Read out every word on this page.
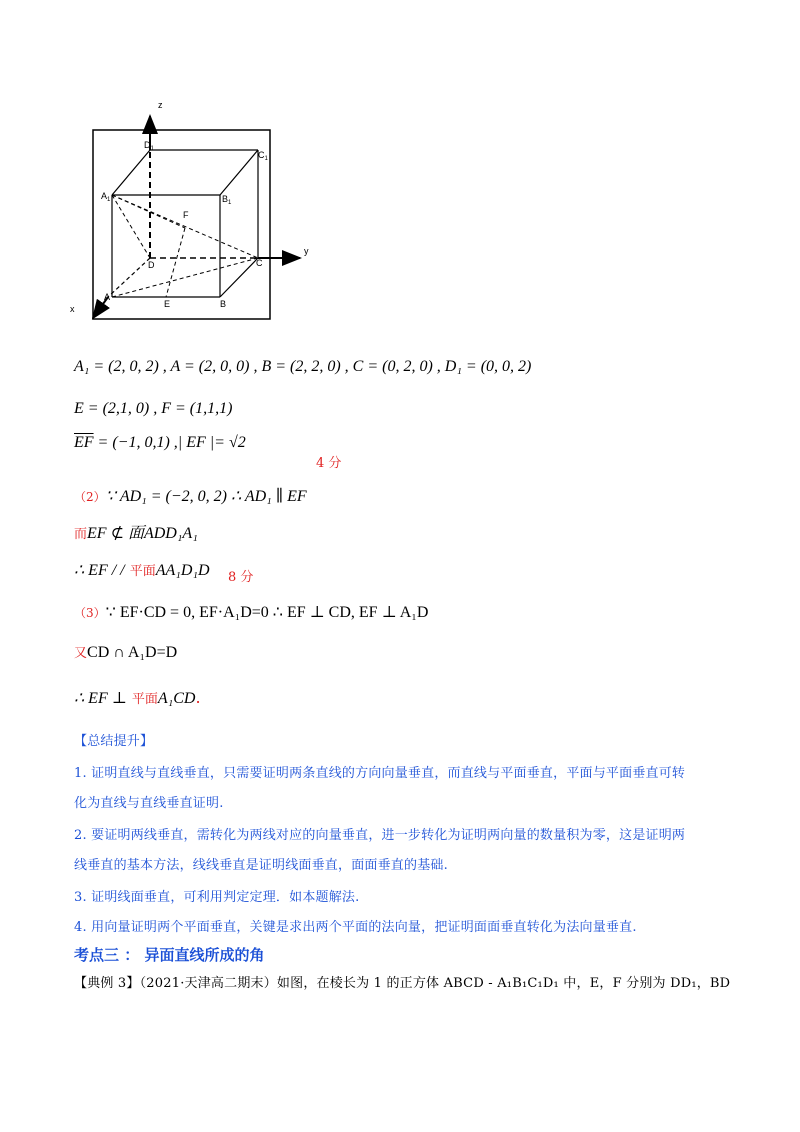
z
y
x
$D_1$
$C_1$
$A_1$	$B_1$
F
D	C
A
E	B
A₁ = (2, 0, 2) , A = (2, 0, 0) , B = (2, 2, 0) , C = (0, 2, 0) , D₁ = (0, 0, 2)
E = (2,1, 0) , F = (1,1,1)
$\overline{EF} = (-1$, 0,1) ,| EF |= √2
4 分
（2）∵ AD₁ = (−2, 0, 2) ∴ AD₁ ∥ EF
而EF ⊄ 面ADD₁A₁
∴ EF / / 平面AA₁D₁D 8 分
（3）∵ EF·CD = 0, EF·A₁D=0 ∴ EF ⊥ CD, EF ⊥ A₁D
又CD ∩ A₁D=D
∴ EF ⊥ 平面A₁CD.
【总结提升】
1. 证明直线与直线垂直，只需要证明两条直线的方向向量垂直，而直线与平面垂直，平面与平面垂直可转
化为直线与直线垂直证明.
2. 要证明两线垂直，需转化为两线对应的向量垂直，进一步转化为证明两向量的数量积为零，这是证明两
线垂直的基本方法，线线垂直是证明线面垂直，面面垂直的基础.
3. 证明线面垂直，可利用判定定理．如本题解法.
4. 用向量证明两个平面垂直，关键是求出两个平面的法向量，把证明面面垂直转化为法向量垂直.
考点三 ： 异面直线所成的角
【典例 3】（2021·天津高二期末）如图，在棱长为 1 的正方体 ABCD - A₁B₁C₁D₁ 中，E，F 分别为 DD₁，BD
